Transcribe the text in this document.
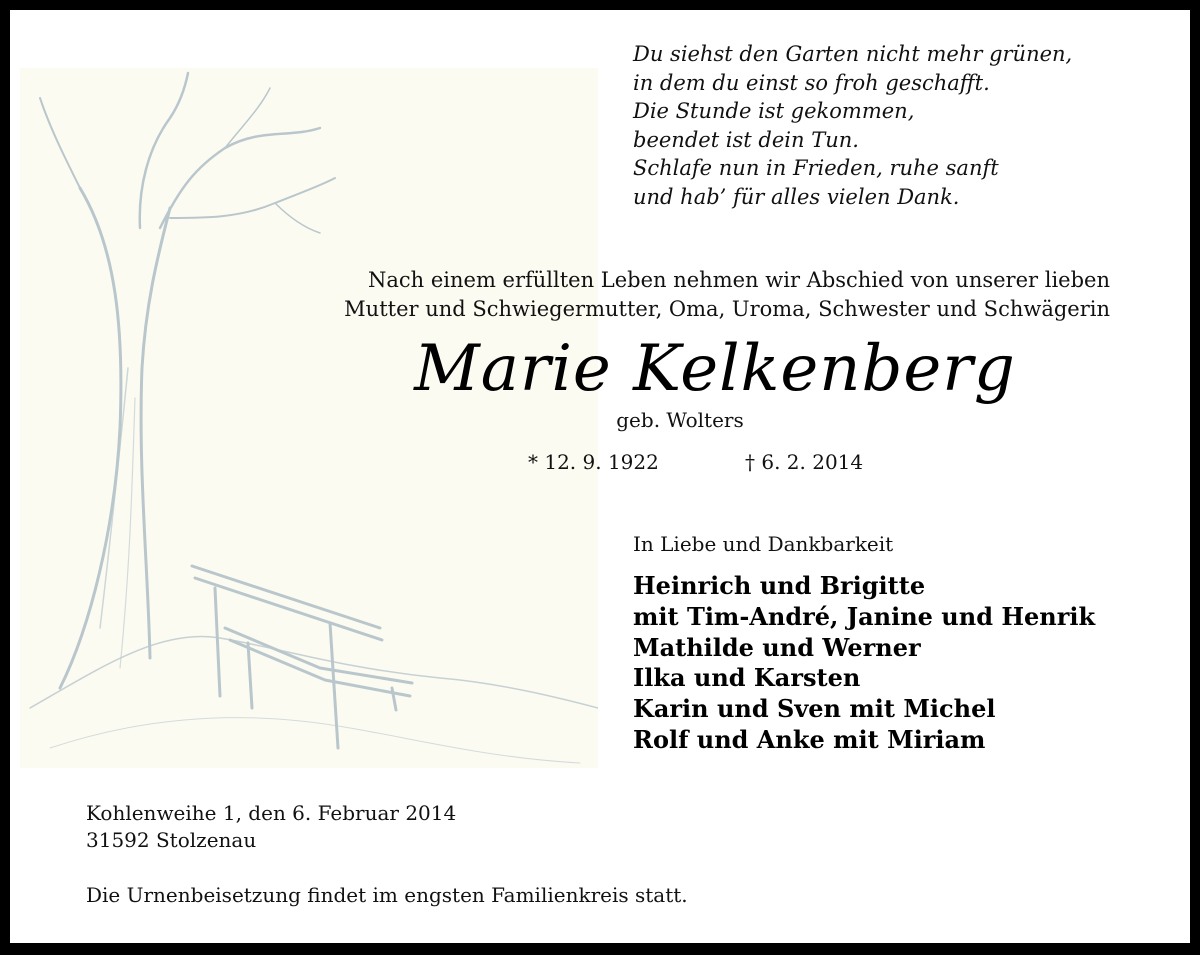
Du siehst den Garten nicht mehr grünen,
in dem du einst so froh geschafft.
Die Stunde ist gekommen,
beendet ist dein Tun.
Schlafe nun in Frieden, ruhe sanft
und hab’ für alles vielen Dank.
Nach einem erfüllten Leben nehmen wir Abschied von unserer lieben
Mutter und Schwiegermutter, Oma, Uroma, Schwester und Schwägerin
Marie Kelkenberg
geb. Wolters
* 12. 9. 1922	† 6. 2. 2014
In Liebe und Dankbarkeit
Heinrich und Brigitte
mit Tim-André, Janine und Henrik
Mathilde und Werner
Ilka und Karsten
Karin und Sven mit Michel
Rolf und Anke mit Miriam
Kohlenweihe 1, den 6. Februar 2014
31592 Stolzenau
Die Urnenbeisetzung findet im engsten Familienkreis statt.
